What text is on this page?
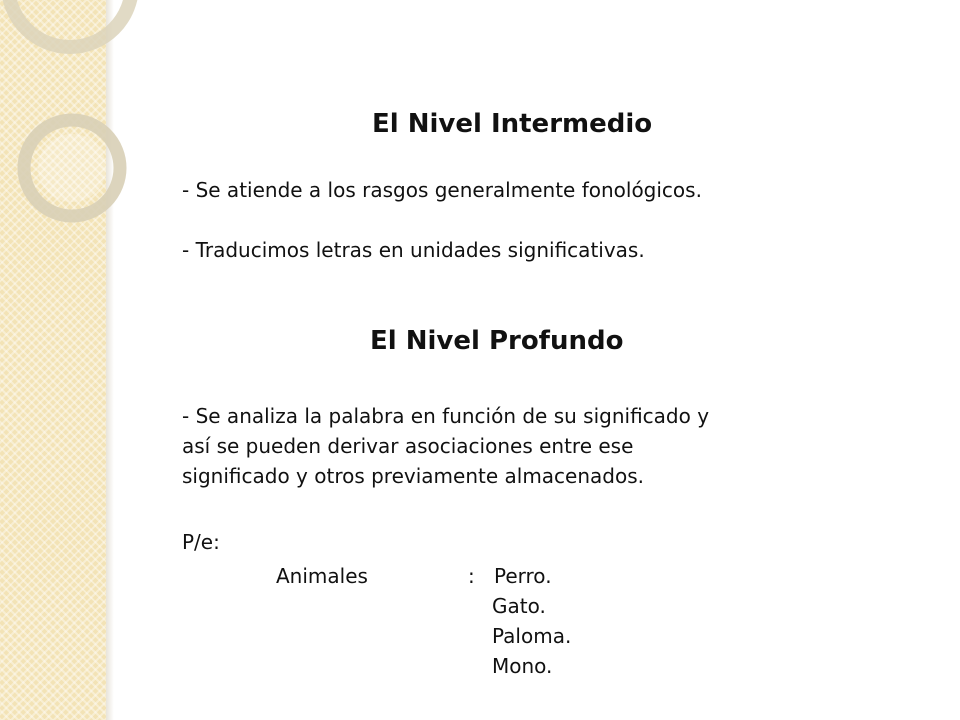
El Nivel Intermedio
- Se atiende a los rasgos generalmente fonológicos.
- Traducimos letras en unidades significativas.
El Nivel Profundo
- Se analiza la palabra en función de su significado y
así se pueden derivar asociaciones entre ese
significado y otros previamente almacenados.
P/e:
Animales	: Perro.
Gato.
Paloma.
Mono.
